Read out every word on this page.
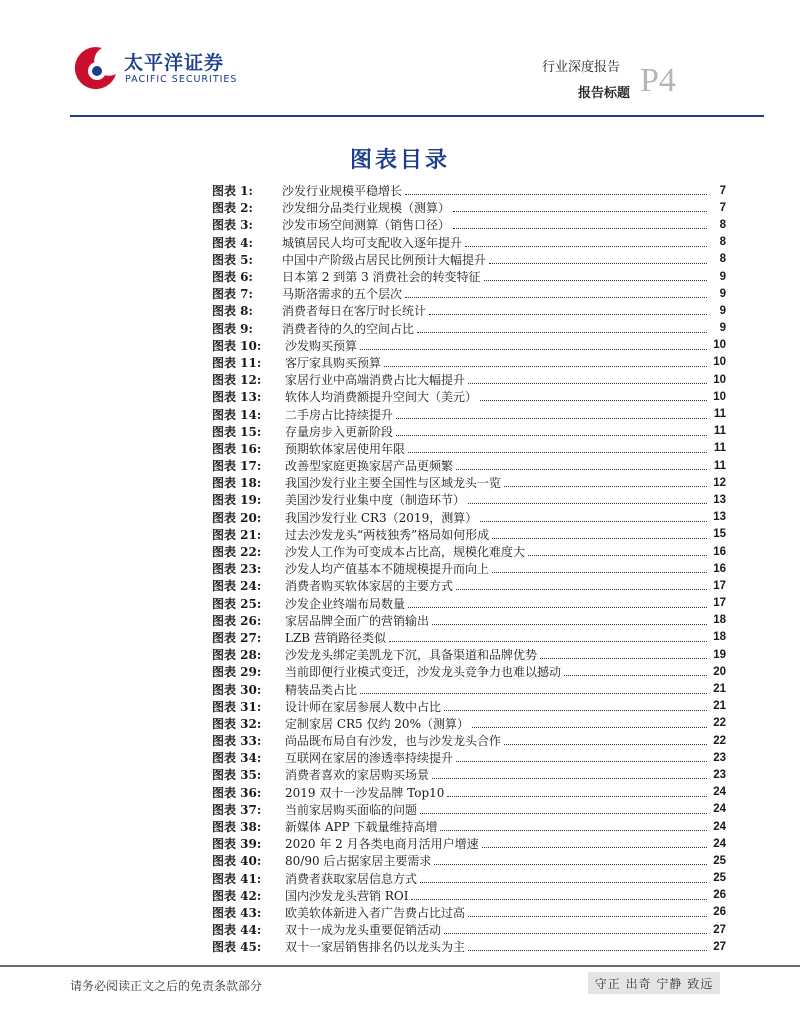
太平洋证券
PACIFIC SECURITIES
行业深度报告
报告标题 P4
图表目录
图表 1:	沙发行业规模平稳增长	7
图表 2:	沙发细分品类行业规模（测算）	7
图表 3:	沙发市场空间测算（销售口径）	8
图表 4:	城镇居民人均可支配收入逐年提升	8
图表 5:	中国中产阶级占居民比例预计大幅提升	8
图表 6:	日本第 2 到第 3 消费社会的转变特征	9
图表 7:	马斯洛需求的五个层次	9
图表 8:	消费者每日在客厅时长统计	9
图表 9:	消费者待的久的空间占比	9
图表 10:	沙发购买预算	10
图表 11:	客厅家具购买预算	10
图表 12:	家居行业中高端消费占比大幅提升	10
图表 13:	软体人均消费额提升空间大（美元）	10
图表 14:	二手房占比持续提升	11
图表 15:	存量房步入更新阶段	11
图表 16:	预期软体家居使用年限	11
图表 17:	改善型家庭更换家居产品更频繁	11
图表 18:	我国沙发行业主要全国性与区域龙头一览	12
图表 19:	美国沙发行业集中度（制造环节）	13
图表 20:	我国沙发行业 CR3（2019，测算）	13
图表 21:	过去沙发龙头“两枝独秀”格局如何形成	15
图表 22:	沙发人工作为可变成本占比高，规模化难度大	16
图表 23:	沙发人均产值基本不随规模提升而向上	16
图表 24:	消费者购买软体家居的主要方式	17
图表 25:	沙发企业终端布局数量	17
图表 26:	家居品牌全面广的营销输出	18
图表 27:	LZB 营销路径类似	18
图表 28:	沙发龙头绑定美凯龙下沉，具备渠道和品牌优势	19
图表 29:	当前即便行业模式变迁，沙发龙头竞争力也难以撼动	20
图表 30:	精装品类占比	21
图表 31:	设计师在家居参展人数中占比	21
图表 32:	定制家居 CR5 仅约 20%（测算）	22
图表 33:	尚品既布局自有沙发，也与沙发龙头合作	22
图表 34:	互联网在家居的渗透率持续提升	23
图表 35:	消费者喜欢的家居购买场景	23
图表 36:	2019 双十一沙发品牌 Top10	24
图表 37:	当前家居购买面临的问题	24
图表 38:	新媒体 APP 下载量维持高增	24
图表 39:	2020 年 2 月各类电商月活用户增速	24
图表 40:	80/90 后占据家居主要需求	25
图表 41:	消费者获取家居信息方式	25
图表 42:	国内沙发龙头营销 ROI	26
图表 43:	欧美软体新进入者广告费占比过高	26
图表 44:	双十一成为龙头重要促销活动	27
图表 45:	双十一家居销售排名仍以龙头为主	27
请务必阅读正文之后的免责条款部分	守正 出奇 宁静 致远
